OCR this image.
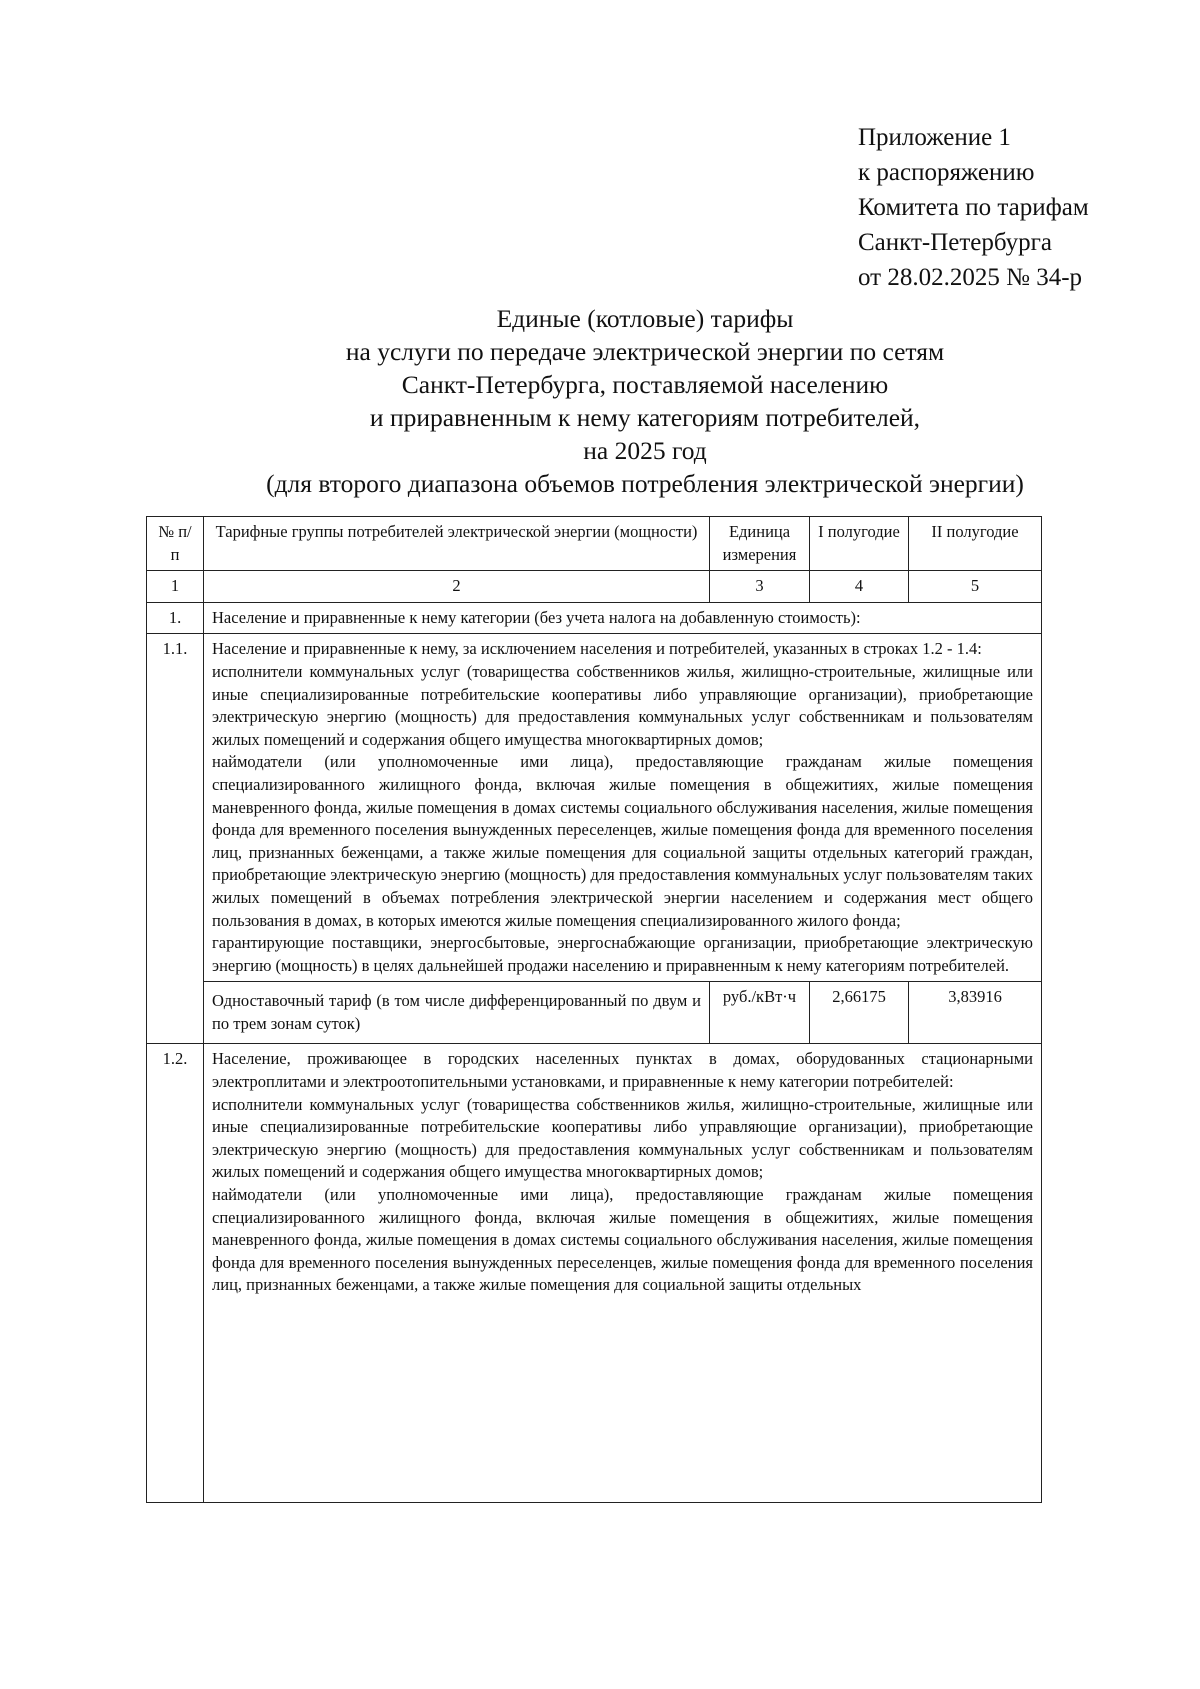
Приложение 1
к распоряжению
Комитета по тарифам
Санкт-Петербурга
от 28.02.2025 № 34-р
Единые (котловые) тарифы
на услуги по передаче электрической энергии по сетям
Санкт-Петербурга, поставляемой населению
и приравненным к нему категориям потребителей,
на 2025 год
(для второго диапазона объемов потребления электрической энергии)
№ п/п	Тарифные группы потребителей электрической энергии (мощности)	Единица измерения	I полугодие	II полугодие
1	2	3	4	5
1.	Население и приравненные к нему категории (без учета налога на добавленную стоимость):			
1.1.	Население и приравненные к нему, за исключением населения и потребителей, указанных в строках 1.2 - 1.4:
исполнители коммунальных услуг (товарищества собственников жилья, жилищно-строительные, жилищные или иные специализированные потребительские кооперативы либо управляющие организации), приобретающие электрическую энергию (мощность) для предоставления коммунальных услуг собственникам и пользователям жилых помещений и содержания общего имущества многоквартирных домов;
наймодатели (или уполномоченные ими лица), предоставляющие гражданам жилые помещения специализированного жилищного фонда, включая жилые помещения в общежитиях, жилые помещения маневренного фонда, жилые помещения в домах системы социального обслуживания населения, жилые помещения фонда для временного поселения вынужденных переселенцев, жилые помещения фонда для временного поселения лиц, признанных беженцами, а также жилые помещения для социальной защиты отдельных категорий граждан, приобретающие электрическую энергию (мощность) для предоставления коммунальных услуг пользователям таких жилых помещений в объемах потребления электрической энергии населением и содержания мест общего пользования в домах, в которых имеются жилые помещения специализированного жилого фонда;
гарантирующие поставщики, энергосбытовые, энергоснабжающие организации, приобретающие электрическую энергию (мощность) в целях дальнейшей продажи населению и приравненным к нему категориям потребителей.			

	Одноставочный тариф (в том числе дифференцированный по двум и по трем зонам суток)	руб./кВт·ч	2,66175	3,83916
1.2.	Население, проживающее в городских населенных пунктах в домах, оборудованных стационарными электроплитами и электроотопительными установками, и приравненные к нему категории потребителей:
исполнители коммунальных услуг (товарищества собственников жилья, жилищно-строительные, жилищные или иные специализированные потребительские кооперативы либо управляющие организации), приобретающие электрическую энергию (мощность) для предоставления коммунальных услуг собственникам и пользователям жилых помещений и содержания общего имущества многоквартирных домов;
наймодатели (или уполномоченные ими лица), предоставляющие гражданам жилые помещения специализированного жилищного фонда, включая жилые помещения в общежитиях, жилые помещения маневренного фонда, жилые помещения в домах системы социального обслуживания населения, жилые помещения фонда для временного поселения вынужденных переселенцев, жилые помещения фонда для временного поселения лиц, признанных беженцами, а также жилые помещения для социальной защиты отдельных			
